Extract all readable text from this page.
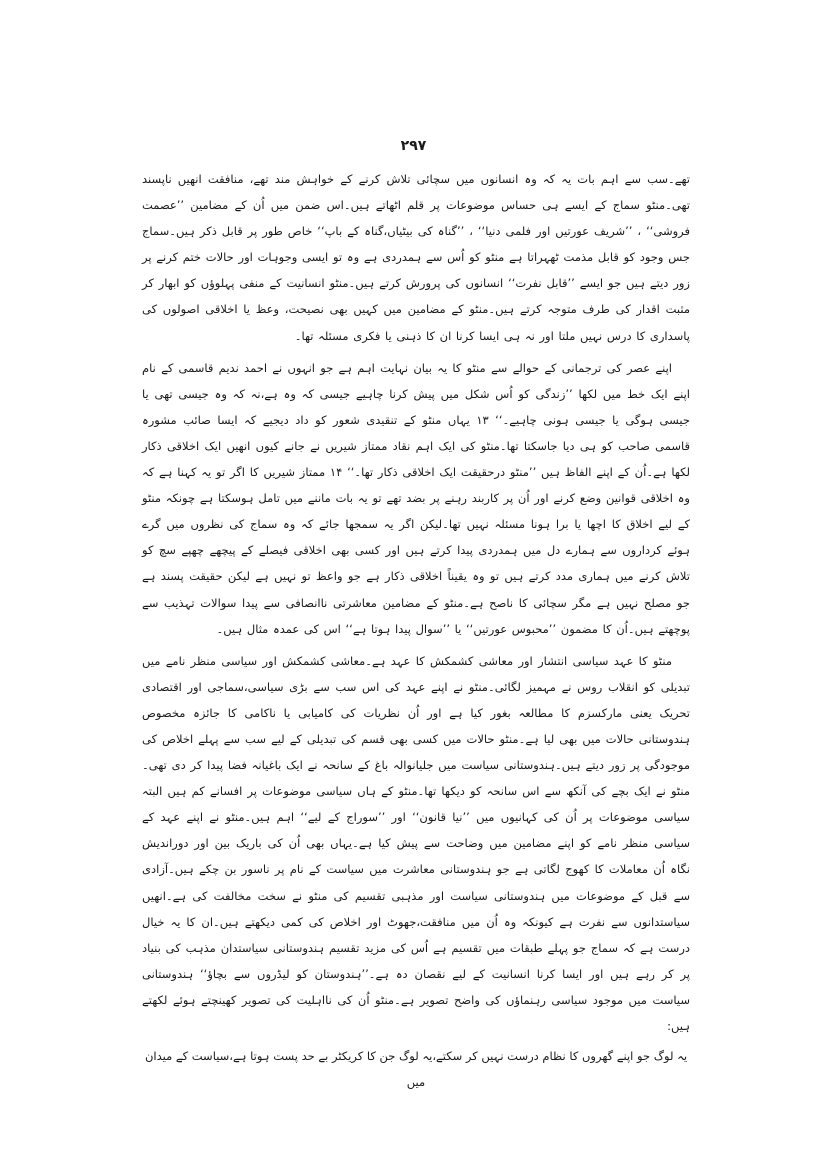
۲۹۷

تھے۔سب سے اہم بات یہ کہ وہ انسانوں میں سچائی تلاش کرنے کے خواہش مند تھے، منافقت انھیں ناپسند تھی۔منٹو سماج کے ایسے ہی حساس موضوعات پر قلم اٹھاتے ہیں۔اس ضمن میں اُن کے مضامین ’’عصمت فروشی‘‘ ، ’’شریف عورتیں اور فلمی دنیا‘‘ ، ’’گناہ کی بیٹیاں،گناہ کے باپ‘‘ خاص طور پر قابل ذکر ہیں۔سماج جس وجود کو قابل مذمت ٹھہراتا ہے منٹو کو اُس سے ہمدردی ہے وہ تو ایسی وجوہات اور حالات ختم کرنے پر زور دیتے ہیں جو ایسے ’’قابل نفرت‘‘ انسانوں کی پرورش کرتے ہیں۔منٹو انسانیت کے منفی پہلوؤں کو ابھار کر مثبت اقدار کی طرف متوجہ کرتے ہیں۔منٹو کے مضامین میں کہیں بھی نصیحت، وعظ یا اخلاقی اصولوں کی پاسداری کا درس نہیں ملتا اور نہ ہی ایسا کرنا ان کا ذہنی یا فکری مسئلہ تھا۔

اپنے عصر کی ترجمانی کے حوالے سے منٹو کا یہ بیان نہایت اہم ہے جو انہوں نے احمد ندیم قاسمی کے نام اپنے ایک خط میں لکھا ’’زندگی کو اُس شکل میں پیش کرنا چاہیے جیسی کہ وہ ہے،نہ کہ وہ جیسی تھی یا جیسی ہوگی یا جیسی ہونی چاہیے۔‘‘ ۱۳ یہاں منٹو کے تنقیدی شعور کو داد دیجیے کہ ایسا صائب مشورہ قاسمی صاحب کو ہی دیا جاسکتا تھا۔منٹو کی ایک اہم نقاد ممتاز شیریں نے جانے کیوں انھیں ایک اخلاقی ذکار لکھا ہے۔اُن کے اپنے الفاظ ہیں ’’منٹو درحقیقت ایک اخلاقی ذکار تھا۔‘‘ ۱۴ ممتاز شیریں کا اگر تو یہ کہنا ہے کہ وہ اخلاقی قوانین وضع کرنے اور اُن پر کاربند رہنے پر بضد تھے تو یہ بات ماننے میں تامل ہوسکتا ہے چونکہ منٹو کے لیے اخلاق کا اچھا یا برا ہونا مسئلہ نہیں تھا۔لیکن اگر یہ سمجھا جائے کہ وہ سماج کی نظروں میں گرے ہوئے کرداروں سے ہمارے دل میں ہمدردی پیدا کرتے ہیں اور کسی بھی اخلاقی فیصلے کے پیچھے چھپے سچ کو تلاش کرنے میں ہماری مدد کرتے ہیں تو وہ یقیناً اخلاقی ذکار ہے جو واعظ تو نہیں ہے لیکن حقیقت پسند ہے جو مصلح نہیں ہے مگر سچائی کا ناصح ہے۔منٹو کے مضامین معاشرتی ناانصافی سے پیدا سوالات تہذیب سے پوچھتے ہیں۔اُن کا مضمون ’’محبوس عورتیں‘‘ یا ’’سوال پیدا ہوتا ہے‘‘ اس کی عمدہ مثال ہیں۔

منٹو کا عہد سیاسی انتشار اور معاشی کشمکش کا عہد ہے۔معاشی کشمکش اور سیاسی منظر نامے میں تبدیلی کو انقلاب روس نے مہمیز لگائی۔منٹو نے اپنے عہد کی اس سب سے بڑی سیاسی،سماجی اور اقتصادی تحریک یعنی مارکسزم کا مطالعہ بغور کیا ہے اور اُن نظریات کی کامیابی یا ناکامی کا جائزہ مخصوص ہندوستانی حالات میں بھی لیا ہے۔منٹو حالات میں کسی بھی قسم کی تبدیلی کے لیے سب سے پہلے اخلاص کی موجودگی پر زور دیتے ہیں۔ہندوستانی سیاست میں جلیانوالہ باغ کے سانحہ نے ایک باغیانہ فضا پیدا کر دی تھی۔منٹو نے ایک بچے کی آنکھ سے اس سانحہ کو دیکھا تھا۔منٹو کے ہاں سیاسی موضوعات پر افسانے کم ہیں البتہ سیاسی موضوعات پر اُن کی کہانیوں میں ’’نیا قانون‘‘ اور ’’سوراج کے لیے‘‘ اہم ہیں۔منٹو نے اپنے عہد کے سیاسی منظر نامے کو اپنے مضامین میں وضاحت سے پیش کیا ہے۔یہاں بھی اُن کی باریک بین اور دوراندیش نگاہ اُن معاملات کا کھوج لگاتی ہے جو ہندوستانی معاشرت میں سیاست کے نام پر ناسور بن چکے ہیں۔آزادی سے قبل کے موضوعات میں ہندوستانی سیاست اور مذہبی تقسیم کی منٹو نے سخت مخالفت کی ہے۔انھیں سیاستدانوں سے نفرت ہے کیونکہ وہ اُن میں منافقت،جھوٹ اور اخلاص کی کمی دیکھتے ہیں۔ان کا یہ خیال درست ہے کہ سماج جو پہلے طبقات میں تقسیم ہے اُس کی مزید تقسیم ہندوستانی سیاستدان مذہب کی بنیاد پر کر رہے ہیں اور ایسا کرنا انسانیت کے لیے نقصان دہ ہے۔’’ہندوستان کو لیڈروں سے بچاؤ‘‘ ہندوستانی سیاست میں موجود سیاسی رہنماؤں کی واضح تصویر ہے۔منٹو اُن کی نااہلیت کی تصویر کھینچتے ہوئے لکھتے ہیں:

یہ لوگ جو اپنے گھروں کا نظام درست نہیں کر سکتے،یہ لوگ جن کا کریکٹر بے حد پست ہوتا ہے،سیاست کے میدان میں
